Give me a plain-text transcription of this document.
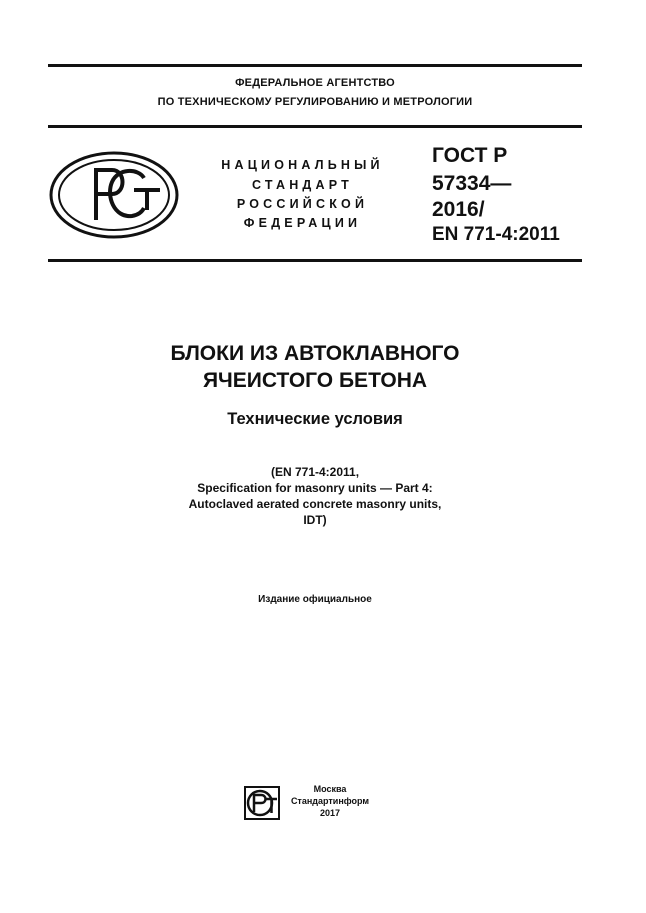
ФЕДЕРАЛЬНОЕ АГЕНТСТВО
ПО ТЕХНИЧЕСКОМУ РЕГУЛИРОВАНИЮ И МЕТРОЛОГИИ
НАЦИОНАЛЬНЫЙ
СТАНДАРТ
РОССИЙСКОЙ
ФЕДЕРАЦИИ
ГОСТ Р
57334—
2016/
EN 771-4:2011
БЛОКИ ИЗ АВТОКЛАВНОГО
ЯЧЕИСТОГО БЕТОНА
Технические условия
(EN 771-4:2011,
Specification for masonry units — Part 4:
Autoclaved aerated concrete masonry units,
IDT)
Издание официальное
Москва
Стандартинформ
2017
